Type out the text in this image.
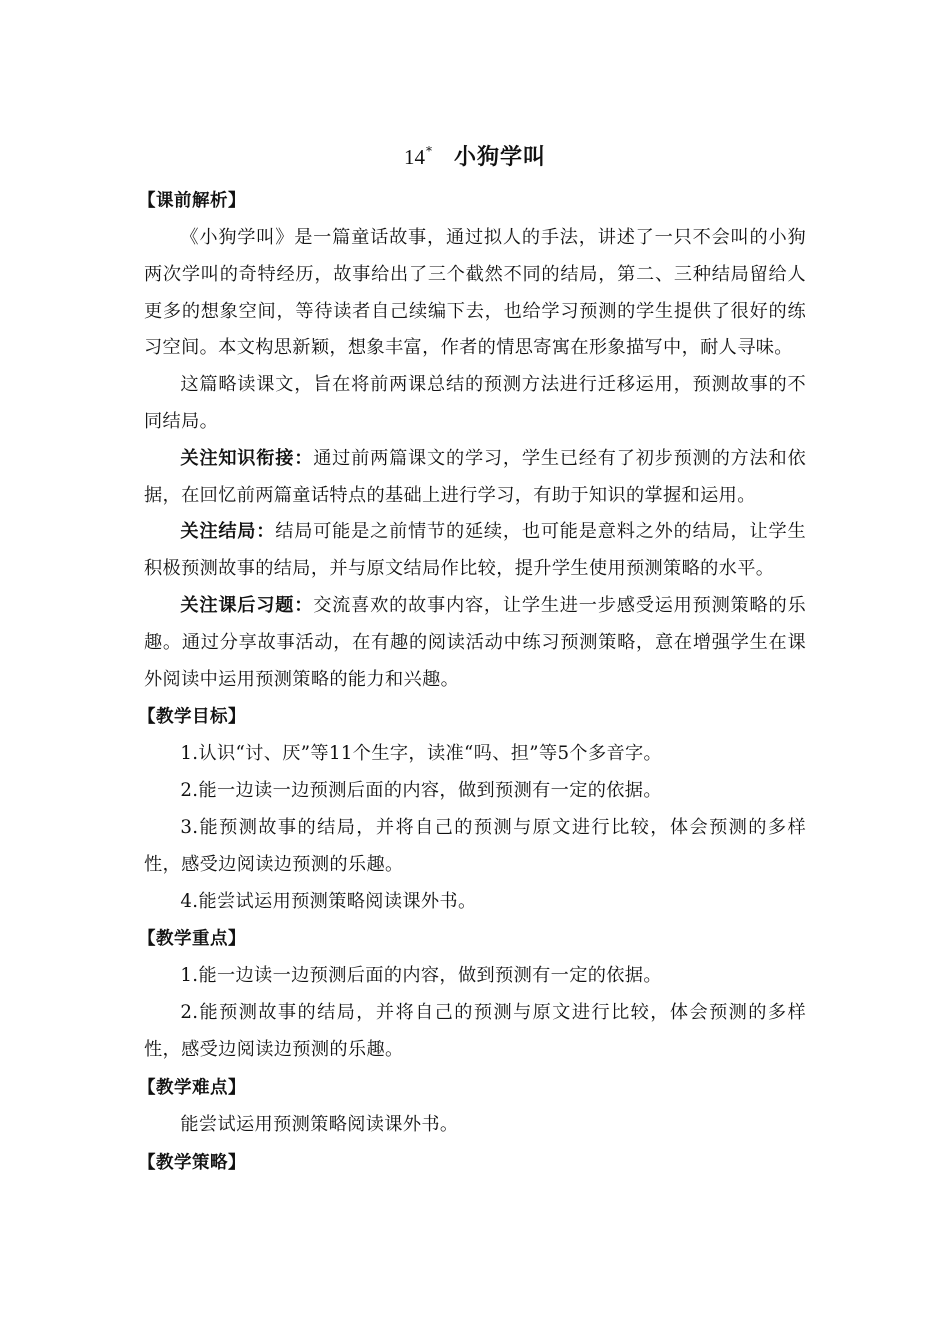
14* 小狗学叫
【课前解析】

《小狗学叫》是一篇童话故事，通过拟人的手法，讲述了一只不会叫的小狗两次学叫的奇特经历，故事给出了三个截然不同的结局，第二、三种结局留给人更多的想象空间，等待读者自己续编下去，也给学习预测的学生提供了很好的练习空间。本文构思新颖，想象丰富，作者的情思寄寓在形象描写中，耐人寻味。

这篇略读课文，旨在将前两课总结的预测方法进行迁移运用，预测故事的不同结局。

关注知识衔接：通过前两篇课文的学习，学生已经有了初步预测的方法和依据，在回忆前两篇童话特点的基础上进行学习，有助于知识的掌握和运用。

关注结局：结局可能是之前情节的延续，也可能是意料之外的结局，让学生积极预测故事的结局，并与原文结局作比较，提升学生使用预测策略的水平。

关注课后习题：交流喜欢的故事内容，让学生进一步感受运用预测策略的乐趣。通过分享故事活动，在有趣的阅读活动中练习预测策略，意在增强学生在课外阅读中运用预测策略的能力和兴趣。

【教学目标】

1.认识“讨、厌”等11个生字，读准“吗、担”等5个多音字。

2.能一边读一边预测后面的内容，做到预测有一定的依据。

3.能预测故事的结局，并将自己的预测与原文进行比较，体会预测的多样性，感受边阅读边预测的乐趣。

4.能尝试运用预测策略阅读课外书。

【教学重点】

1.能一边读一边预测后面的内容，做到预测有一定的依据。

2.能预测故事的结局，并将自己的预测与原文进行比较，体会预测的多样性，感受边阅读边预测的乐趣。

【教学难点】

能尝试运用预测策略阅读课外书。

【教学策略】
